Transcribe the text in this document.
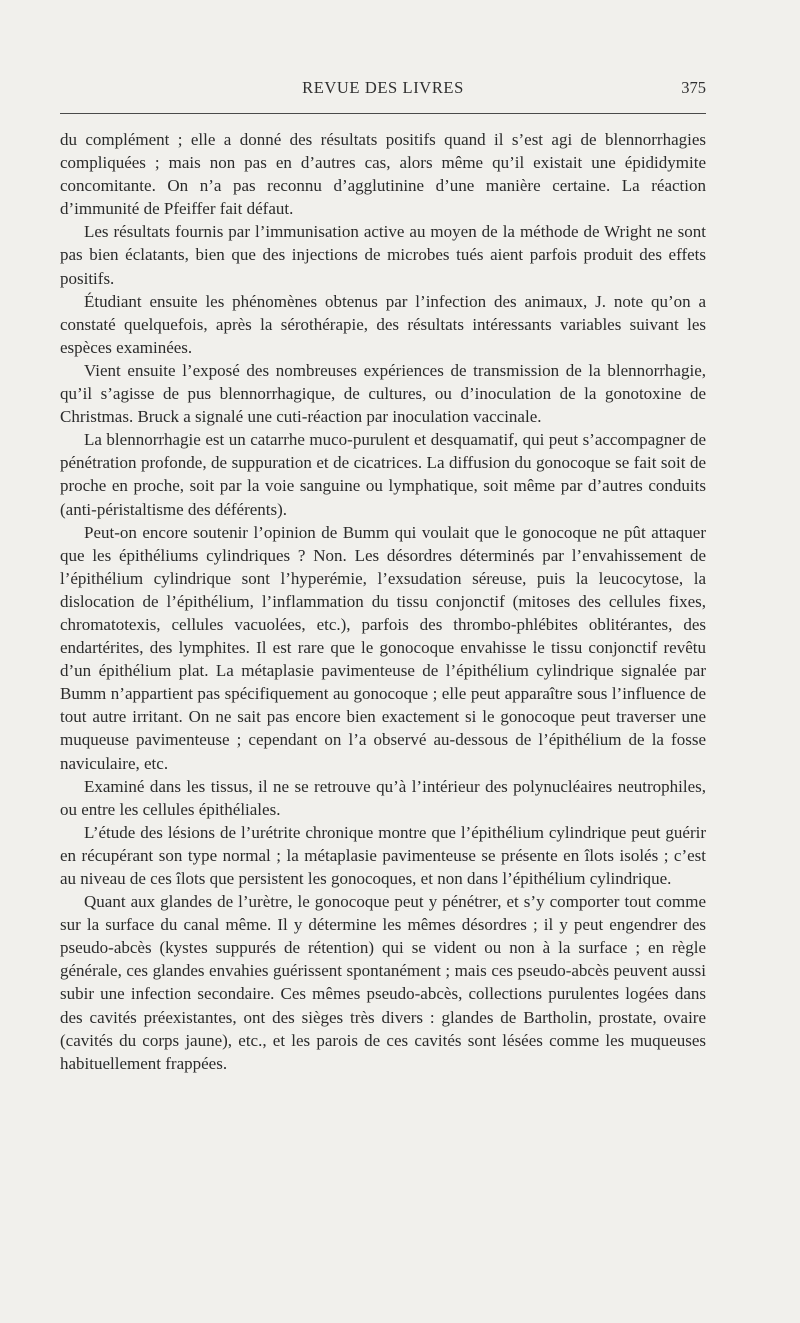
REVUE DES LIVRES	375

du complément ; elle a donné des résultats positifs quand il s’est agi de blennorrhagies compliquées ; mais non pas en d’autres cas, alors même qu’il existait une épididymite concomitante. On n’a pas reconnu d’agglutinine d’une manière certaine. La réaction d’immunité de Pfeiffer fait défaut.

Les résultats fournis par l’immunisation active au moyen de la méthode de Wright ne sont pas bien éclatants, bien que des injections de microbes tués aient parfois produit des effets positifs.

Étudiant ensuite les phénomènes obtenus par l’infection des animaux, J. note qu’on a constaté quelquefois, après la sérothérapie, des résultats intéressants variables suivant les espèces examinées.

Vient ensuite l’exposé des nombreuses expériences de transmission de la blennorrhagie, qu’il s’agisse de pus blennorrhagique, de cultures, ou d’inoculation de la gonotoxine de Christmas. Bruck a signalé une cuti-réaction par inoculation vaccinale.

La blennorrhagie est un catarrhe muco-purulent et desquamatif, qui peut s’accompagner de pénétration profonde, de suppuration et de cicatrices. La diffusion du gonocoque se fait soit de proche en proche, soit par la voie sanguine ou lymphatique, soit même par d’autres conduits (anti-péristaltisme des déférents).

Peut-on encore soutenir l’opinion de Bumm qui voulait que le gonocoque ne pût attaquer que les épithéliums cylindriques ? Non. Les désordres déterminés par l’envahissement de l’épithélium cylindrique sont l’hyperémie, l’exsudation séreuse, puis la leucocytose, la dislocation de l’épithélium, l’inflammation du tissu conjonctif (mitoses des cellules fixes, chromatotexis, cellules vacuolées, etc.), parfois des thrombo-phlébites oblitérantes, des endartérites, des lymphites. Il est rare que le gonocoque envahisse le tissu conjonctif revêtu d’un épithélium plat. La métaplasie pavimenteuse de l’épithélium cylindrique signalée par Bumm n’appartient pas spécifiquement au gonocoque ; elle peut apparaître sous l’influence de tout autre irritant. On ne sait pas encore bien exactement si le gonocoque peut traverser une muqueuse pavimenteuse ; cependant on l’a observé au-dessous de l’épithélium de la fosse naviculaire, etc.

Examiné dans les tissus, il ne se retrouve qu’à l’intérieur des polynucléaires neutrophiles, ou entre les cellules épithéliales.

L’étude des lésions de l’urétrite chronique montre que l’épithélium cylindrique peut guérir en récupérant son type normal ; la métaplasie pavimenteuse se présente en îlots isolés ; c’est au niveau de ces îlots que persistent les gonocoques, et non dans l’épithélium cylindrique.

Quant aux glandes de l’urètre, le gonocoque peut y pénétrer, et s’y comporter tout comme sur la surface du canal même. Il y détermine les mêmes désordres ; il y peut engendrer des pseudo-abcès (kystes suppurés de rétention) qui se vident ou non à la surface ; en règle générale, ces glandes envahies guérissent spontanément ; mais ces pseudo-abcès peuvent aussi subir une infection secondaire. Ces mêmes pseudo-abcès, collections purulentes logées dans des cavités préexistantes, ont des sièges très divers : glandes de Bartholin, prostate, ovaire (cavités du corps jaune), etc., et les parois de ces cavités sont lésées comme les muqueuses habituellement frappées.
